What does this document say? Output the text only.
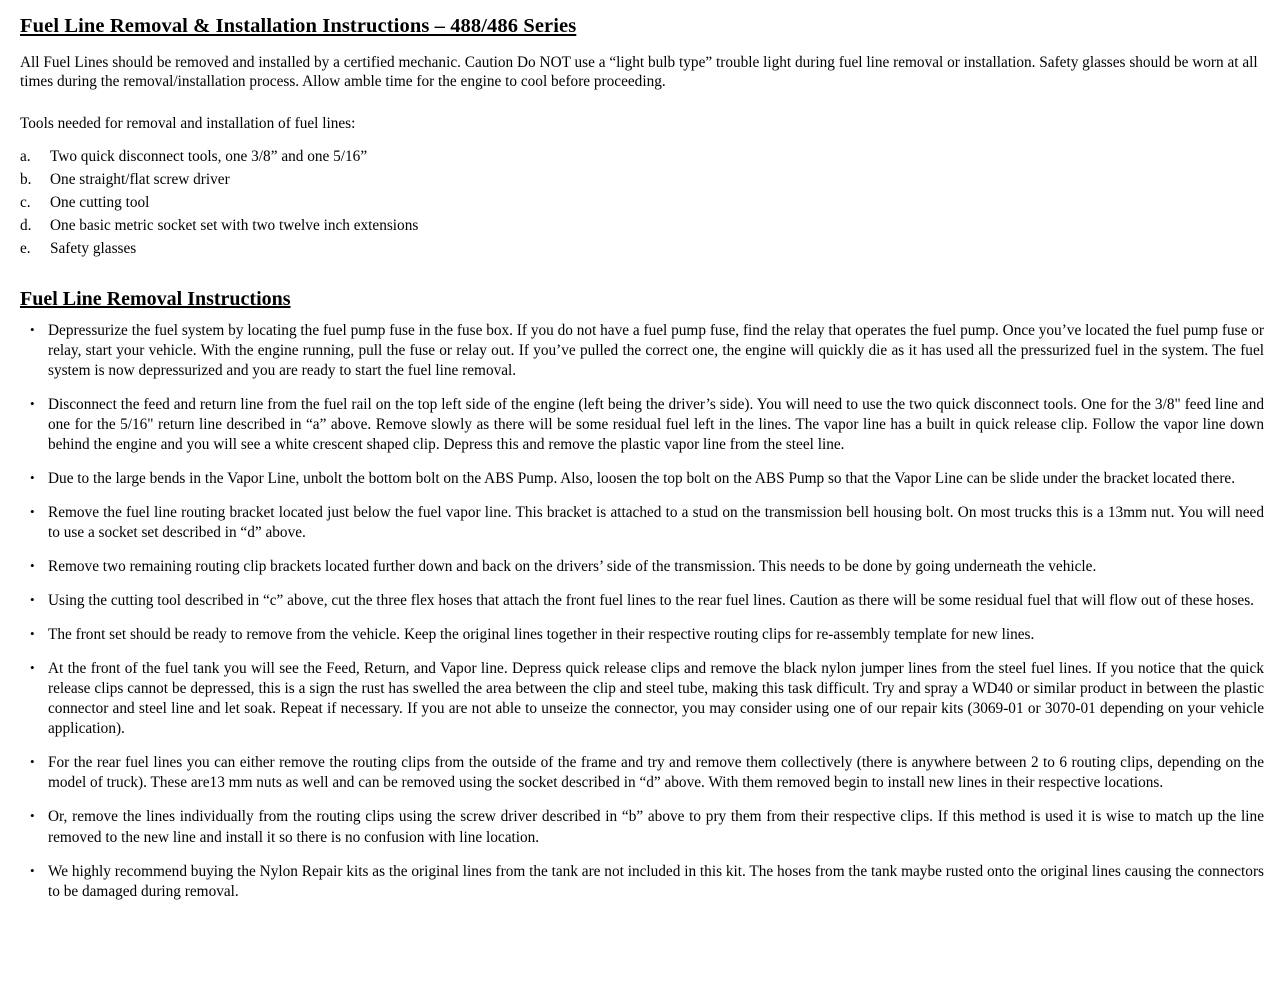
Fuel Line Removal & Installation Instructions – 488/486 Series

All Fuel Lines should be removed and installed by a certified mechanic. Caution Do NOT use a “light bulb type” trouble light during fuel line removal or installation. Safety glasses should be worn at all times during the removal/installation process. Allow amble time for the engine to cool before proceeding.

Tools needed for removal and installation of fuel lines:

a.	Two quick disconnect tools, one 3/8” and one 5/16”
b.	One straight/flat screw driver
c.	One cutting tool
d.	One basic metric socket set with two twelve inch extensions
e.	Safety glasses
Fuel Line Removal Instructions
• Depressurize the fuel system by locating the fuel pump fuse in the fuse box. If you do not have a fuel pump fuse, find the relay that operates the fuel pump. Once you’ve located the fuel pump fuse or relay, start your vehicle. With the engine running, pull the fuse or relay out. If you’ve pulled the correct one, the engine will quickly die as it has used all the pressurized fuel in the system. The fuel system is now depressurized and you are ready to start the fuel line removal.
• Disconnect the feed and return line from the fuel rail on the top left side of the engine (left being the driver’s side). You will need to use the two quick disconnect tools. One for the 3/8" feed line and one for the 5/16" return line described in “a” above. Remove slowly as there will be some residual fuel left in the lines. The vapor line has a built in quick release clip. Follow the vapor line down behind the engine and you will see a white crescent shaped clip. Depress this and remove the plastic vapor line from the steel line.
• Due to the large bends in the Vapor Line, unbolt the bottom bolt on the ABS Pump. Also, loosen the top bolt on the ABS Pump so that the Vapor Line can be slide under the bracket located there.
• Remove the fuel line routing bracket located just below the fuel vapor line. This bracket is attached to a stud on the transmission bell housing bolt. On most trucks this is a 13mm nut. You will need to use a socket set described in “d” above.
• Remove two remaining routing clip brackets located further down and back on the drivers’ side of the transmission. This needs to be done by going underneath the vehicle.
• Using the cutting tool described in “c” above, cut the three flex hoses that attach the front fuel lines to the rear fuel lines. Caution as there will be some residual fuel that will flow out of these hoses.
• The front set should be ready to remove from the vehicle. Keep the original lines together in their respective routing clips for re-assembly template for new lines.
• At the front of the fuel tank you will see the Feed, Return, and Vapor line. Depress quick release clips and remove the black nylon jumper lines from the steel fuel lines. If you notice that the quick release clips cannot be depressed, this is a sign the rust has swelled the area between the clip and steel tube, making this task difficult. Try and spray a WD40 or similar product in between the plastic connector and steel line and let soak. Repeat if necessary. If you are not able to unseize the connector, you may consider using one of our repair kits (3069-01 or 3070-01 depending on your vehicle application).
• For the rear fuel lines you can either remove the routing clips from the outside of the frame and try and remove them collectively (there is anywhere between 2 to 6 routing clips, depending on the model of truck). These are13 mm nuts as well and can be removed using the socket described in “d” above. With them removed begin to install new lines in their respective locations.
• Or, remove the lines individually from the routing clips using the screw driver described in “b” above to pry them from their respective clips. If this method is used it is wise to match up the line removed to the new line and install it so there is no confusion with line location.
• We highly recommend buying the Nylon Repair kits as the original lines from the tank are not included in this kit. The hoses from the tank maybe rusted onto the original lines causing the connectors to be damaged during removal.
